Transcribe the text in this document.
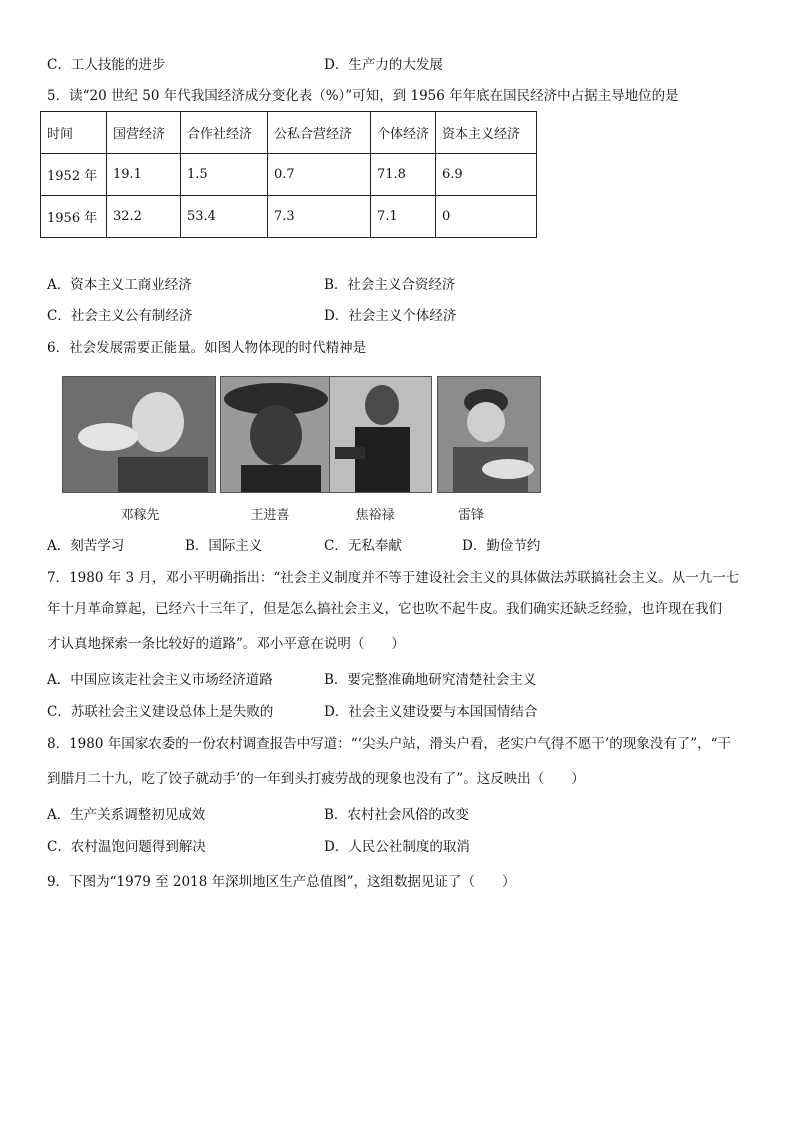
C．工人技能的进步	D．生产力的大发展
5．读“20 世纪 50 年代我国经济成分变化表（%）”可知，到 1956 年年底在国民经济中占据主导地位的是
时间	国营经济	合作社经济	公私合营经济	个体经济	资本主义经济
1952 年	19.1	1.5	0.7	71.8	6.9
1956 年	32.2	53.4	7.3	7.1	0
A．资本主义工商业经济	B．社会主义合资经济
C．社会主义公有制经济	D．社会主义个体经济
6．社会发展需要正能量。如图人物体现的时代精神是
邓稼先	王进喜	焦裕禄	雷锋
A．刻苦学习	B．国际主义	C．无私奉献	D．勤俭节约
7．1980 年 3 月，邓小平明确指出：“社会主义制度并不等于建设社会主义的具体做法苏联搞社会主义。从一九一七
年十月革命算起，已经六十三年了，但是怎么搞社会主义，它也吹不起牛皮。我们确实还缺乏经验，也许现在我们
才认真地探索一条比较好的道路”。邓小平意在说明（　　）
A．中国应该走社会主义市场经济道路	B．要完整准确地研究清楚社会主义
C．苏联社会主义建设总体上是失败的	D．社会主义建设要与本国国情结合
8．1980 年国家农委的一份农村调查报告中写道：“‘尖头户站，滑头户看，老实户气得不愿干’的现象没有了”，“干
到腊月二十九，吃了饺子就动手’的一年到头打疲劳战的现象也没有了”。这反映出（　　）
A．生产关系调整初见成效	B．农村社会风俗的改变
C．农村温饱问题得到解决	D．人民公社制度的取消
9．下图为“1979 至 2018 年深圳地区生产总值图”，这组数据见证了（　　）
